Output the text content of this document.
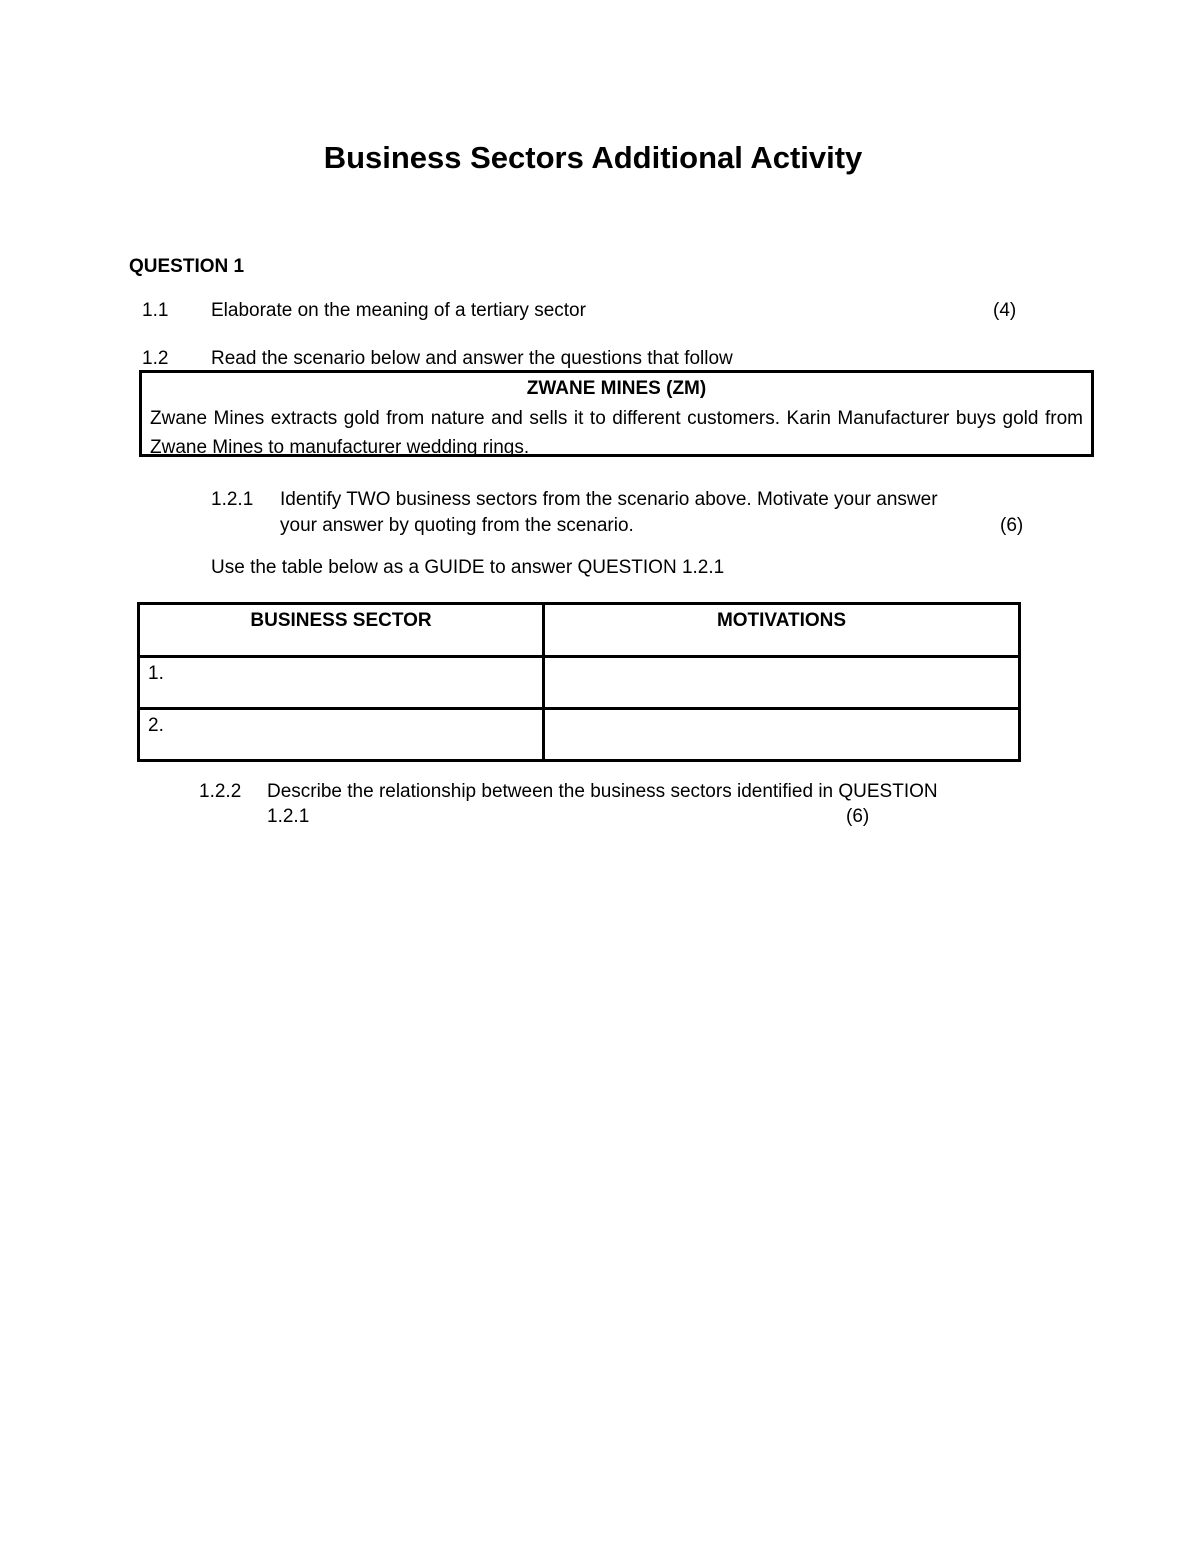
Business Sectors Additional Activity
QUESTION 1
1.1 Elaborate on the meaning of a tertiary sector	(4)
1.2 Read the scenario below and answer the questions that follow
ZWANE MINES (ZM)
Zwane Mines extracts gold from nature and sells it to different customers. Karin Manufacturer buys gold from Zwane Mines to manufacturer wedding rings.
1.2.1 Identify TWO business sectors from the scenario above. Motivate your answer
your answer by quoting from the scenario.	(6)
Use the table below as a GUIDE to answer QUESTION 1.2.1
BUSINESS SECTOR	MOTIVATIONS
1.	
2.	
1.2.2 Describe the relationship between the business sectors identified in QUESTION
1.2.1	(6)
